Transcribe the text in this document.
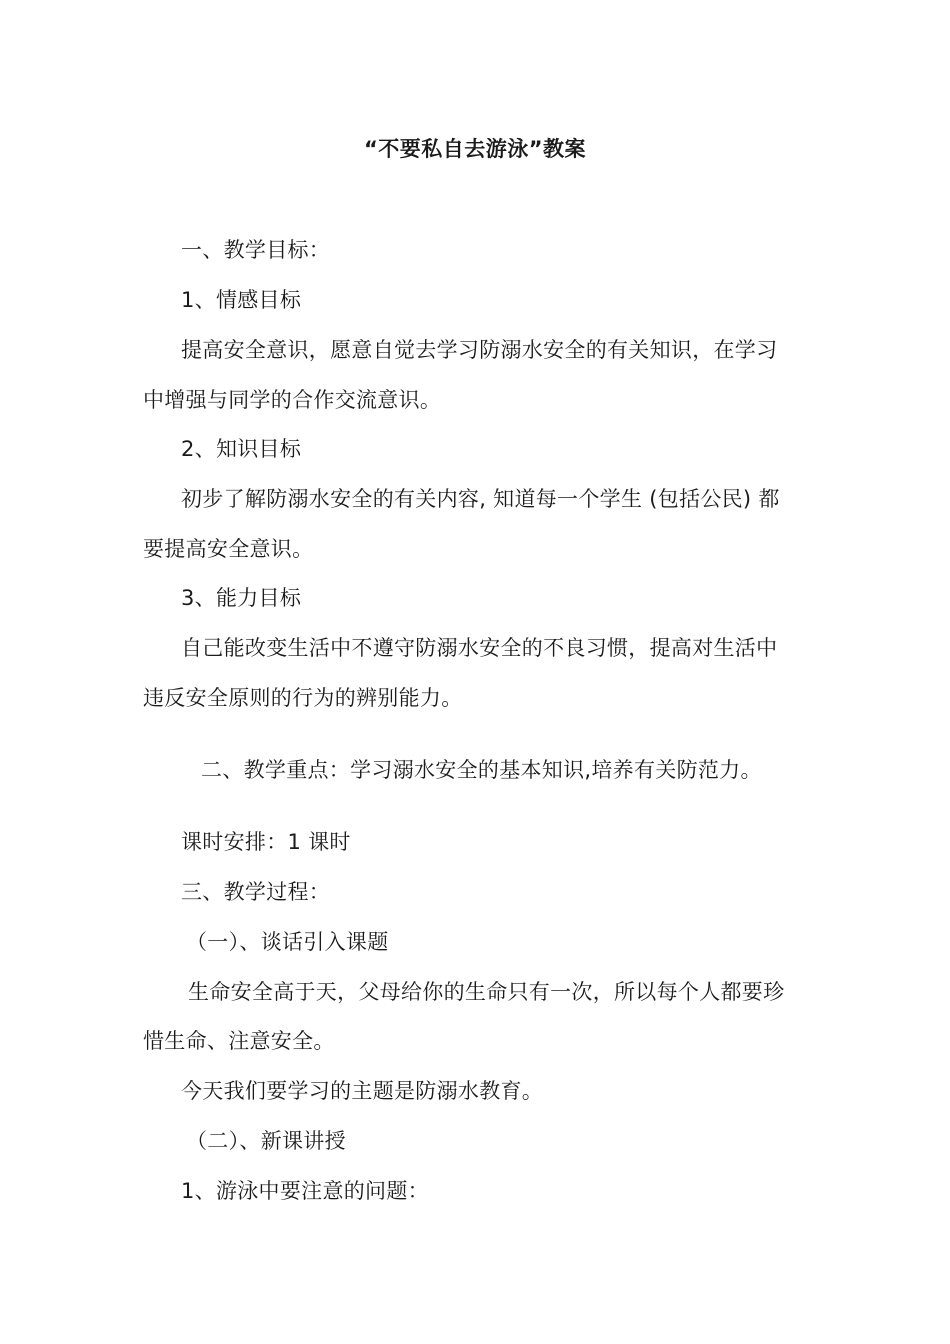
“不要私自去游泳”教案
一、教学目标：
1、情感目标
提高安全意识，愿意自觉去学习防溺水安全的有关知识，在学习
中增强与同学的合作交流意识。
2、知识目标
初步了解防溺水安全的有关内容, 知道每一个学生 (包括公民) 都
要提高安全意识。
3、能力目标
自己能改变生活中不遵守防溺水安全的不良习惯，提高对生活中
违反安全原则的行为的辨别能力。
二、教学重点：学习溺水安全的基本知识,培养有关防范力。
课时安排：1 课时
三、教学过程：
（一）、谈话引入课题
生命安全高于天，父母给你的生命只有一次，所以每个人都要珍
惜生命、注意安全。
今天我们要学习的主题是防溺水教育。
（二）、新课讲授
1、游泳中要注意的问题：
